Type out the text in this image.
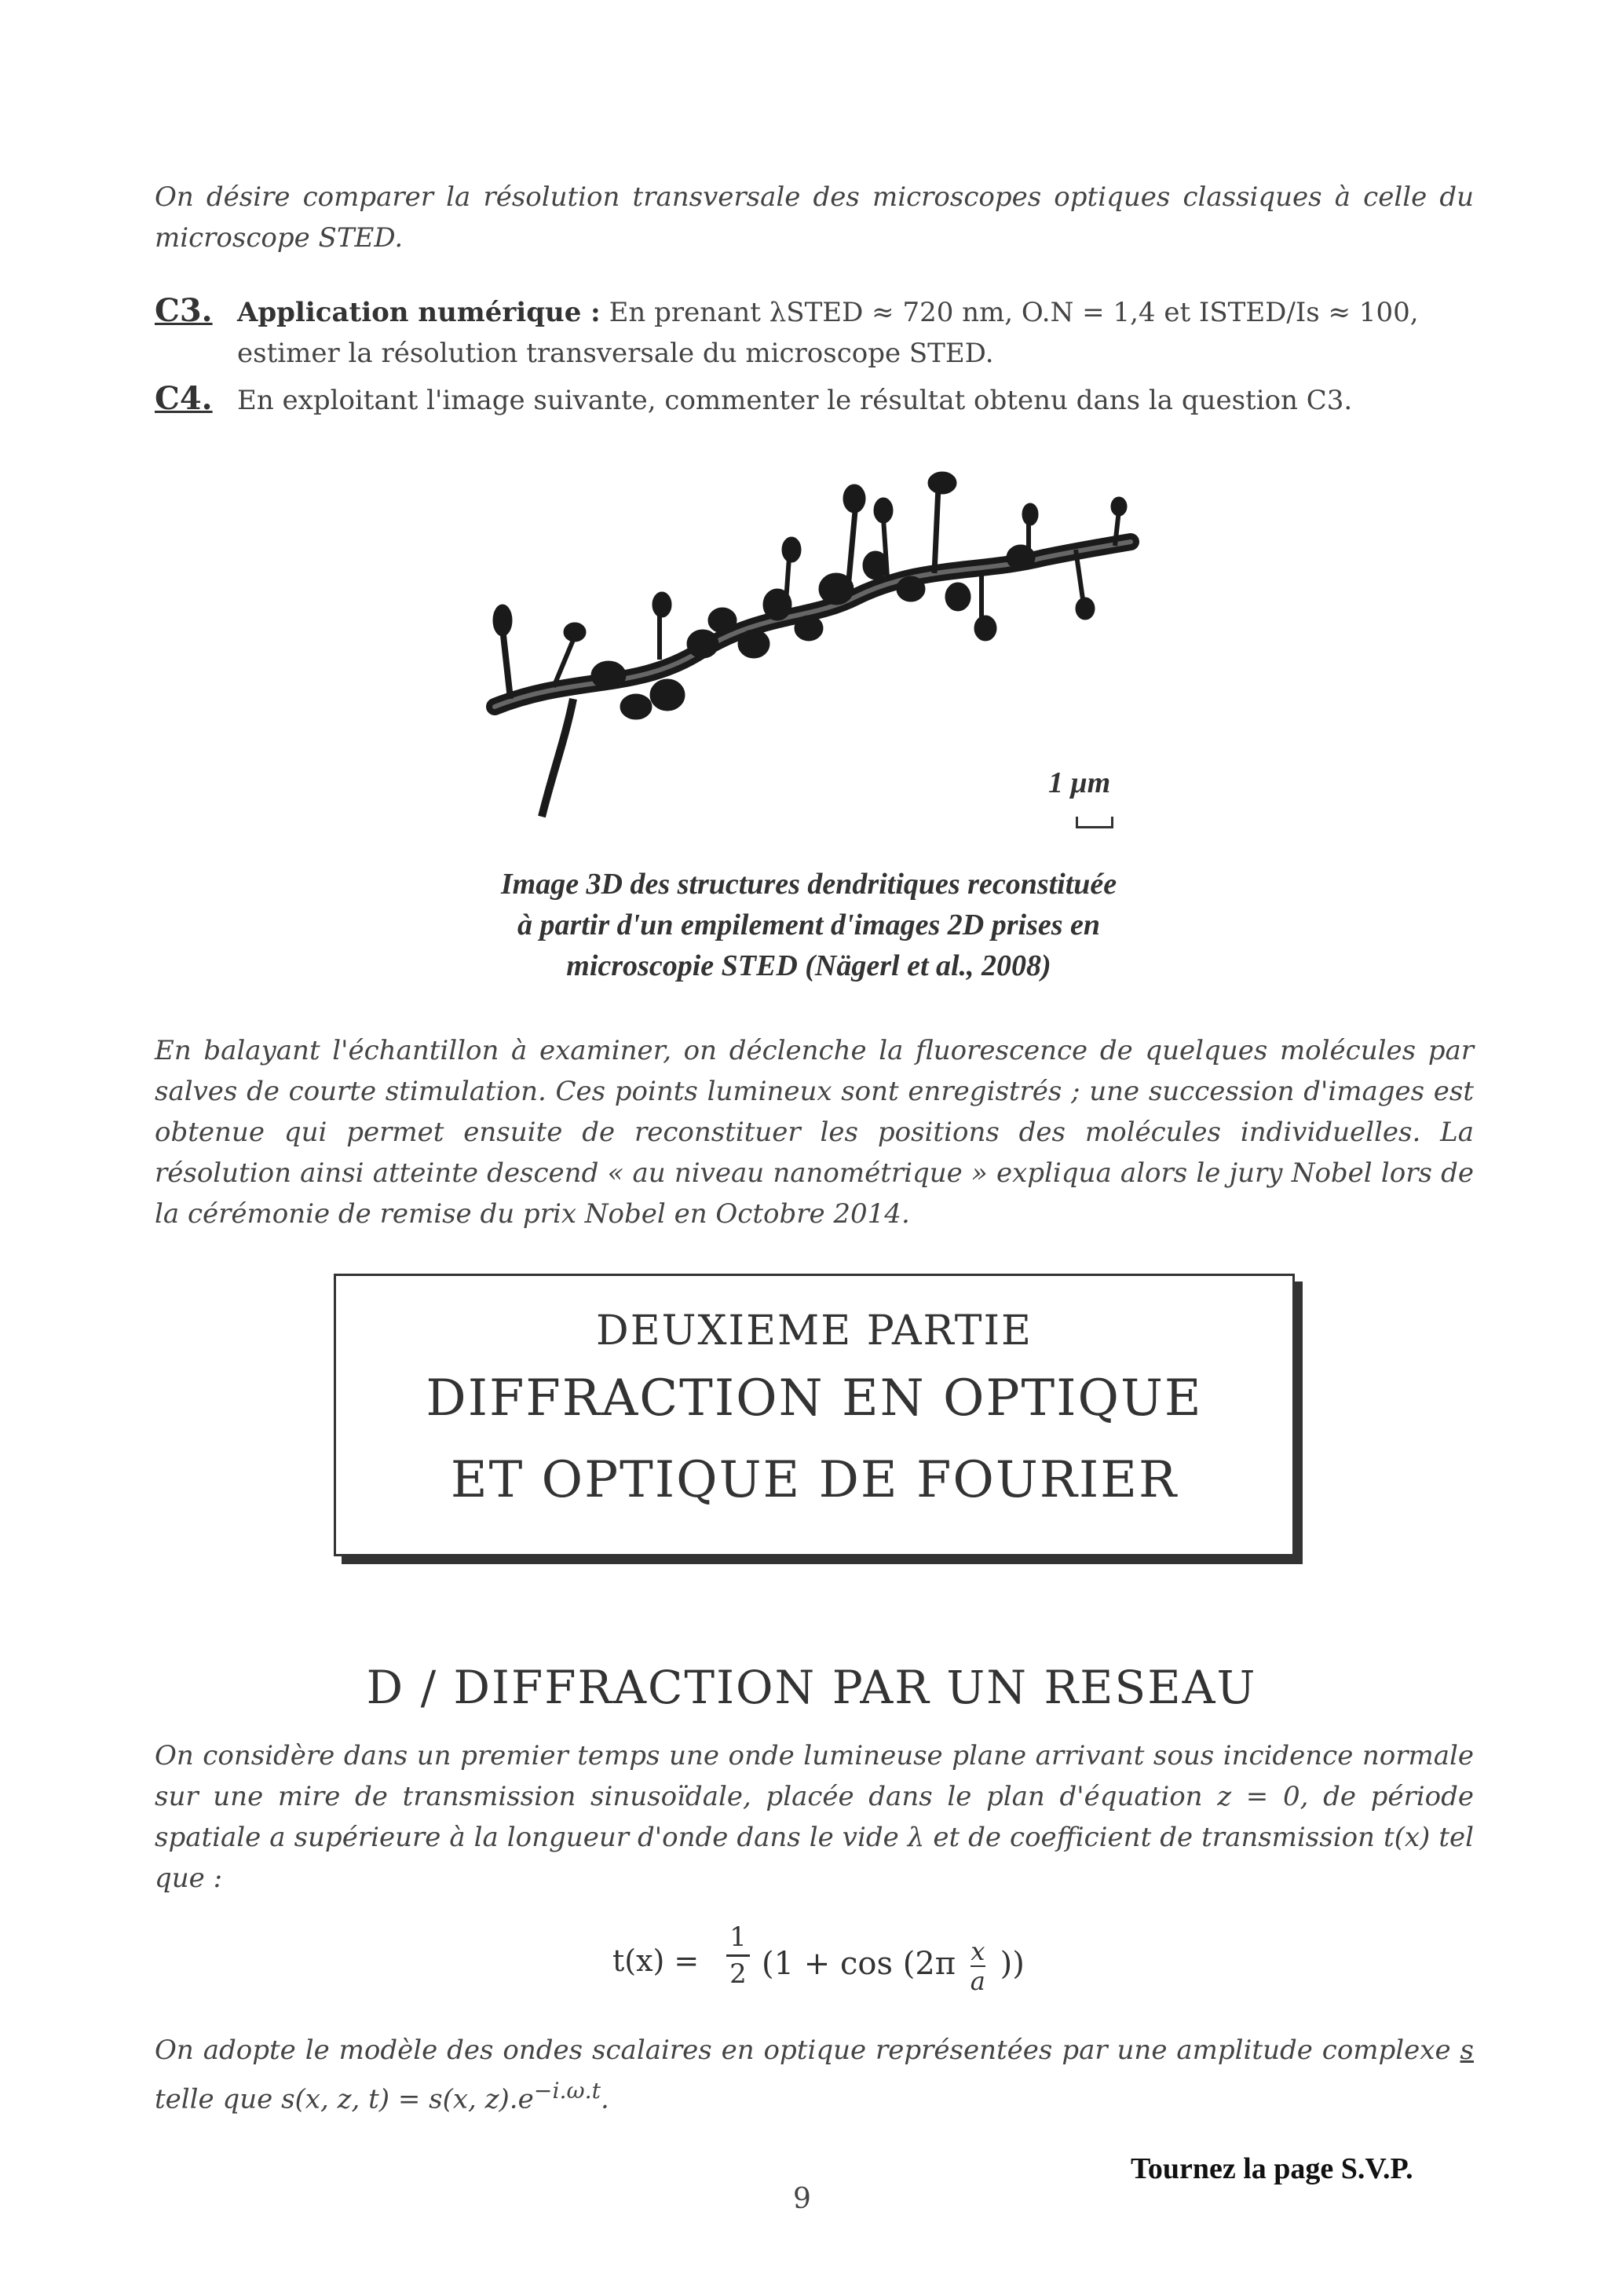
On désire comparer la résolution transversale des microscopes optiques classiques à celle du microscope STED.

C3. Application numérique : En prenant λSTED ≈ 720 nm, O.N = 1,4 et ISTED/Is ≈ 100, estimer la résolution transversale du microscope STED.
C4. En exploitant l'image suivante, commenter le résultat obtenu dans la question C3.
1 μm
Image 3D des structures dendritiques reconstituée
à partir d'un empilement d'images 2D prises en
microscopie STED (Nägerl et al., 2008)

En balayant l'échantillon à examiner, on déclenche la fluorescence de quelques molécules par salves de courte stimulation. Ces points lumineux sont enregistrés ; une succession d'images est obtenue qui permet ensuite de reconstituer les positions des molécules individuelles. La résolution ainsi atteinte descend « au niveau nanométrique » expliqua alors le jury Nobel lors de la cérémonie de remise du prix Nobel en Octobre 2014.

DEUXIEME PARTIE
DIFFRACTION EN OPTIQUE
ET OPTIQUE DE FOURIER
D / DIFFRACTION PAR UN RESEAU

On considère dans un premier temps une onde lumineuse plane arrivant sous incidence normale sur une mire de transmission sinusoïdale, placée dans le plan d'équation z = 0, de période spatiale a supérieure à la longueur d'onde dans le vide λ et de coefficient de transmission t(x) tel que :

t(x) =
1
2 ($1 + \cos (2\pi \frac{x}{a}$ ))

On adopte le modèle des ondes scalaires en optique représentées par une amplitude complexe s telle que s(x, z, t) = s(x, $z).e^{-i.\omega.t}$.

Tournez la page S.V.P.
9
